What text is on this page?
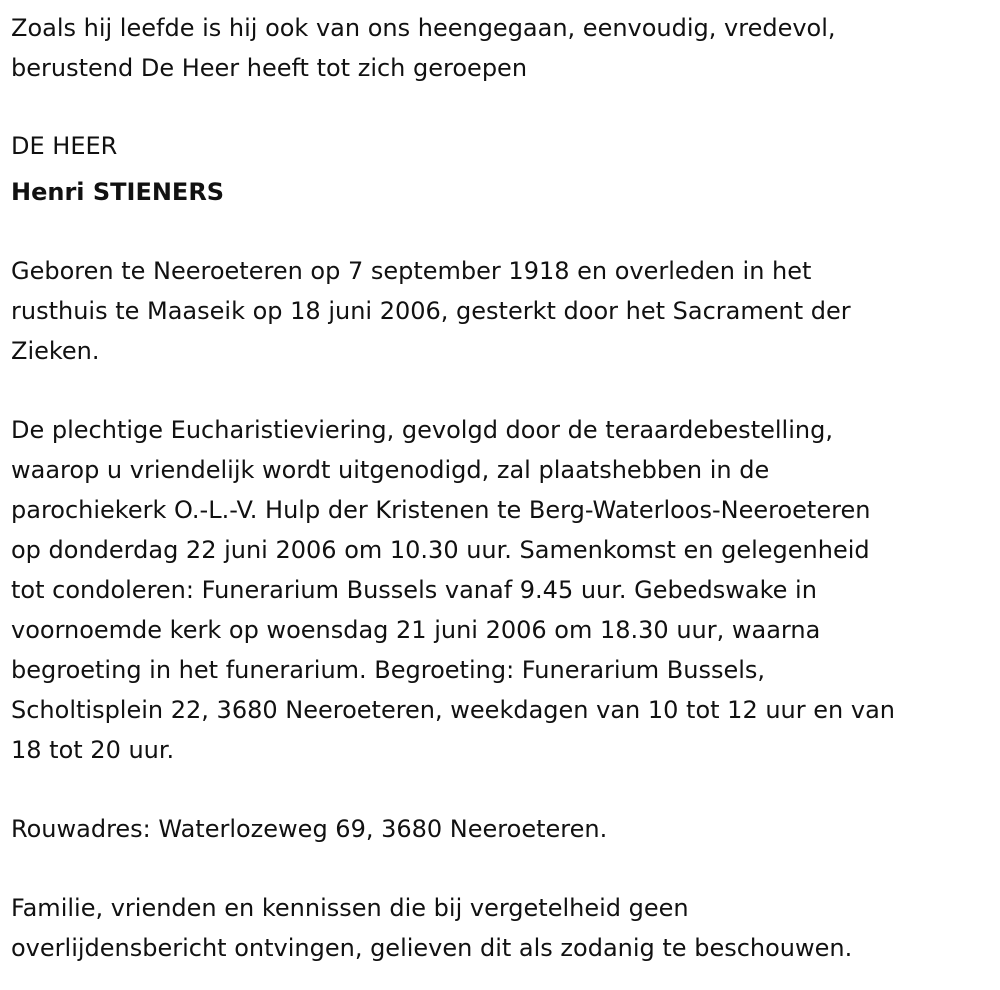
Zoals hij leefde is hij ook van ons heengegaan, eenvoudig, vredevol,
berustend De Heer heeft tot zich geroepen
DE HEER
Henri STIENERS
Geboren te Neeroeteren op 7 september 1918 en overleden in het
rusthuis te Maaseik op 18 juni 2006, gesterkt door het Sacrament der
Zieken.
De plechtige Eucharistieviering, gevolgd door de teraardebestelling,
waarop u vriendelijk wordt uitgenodigd, zal plaatshebben in de
parochiekerk O.-L.-V. Hulp der Kristenen te Berg-Waterloos-Neeroeteren
op donderdag 22 juni 2006 om 10.30 uur. Samenkomst en gelegenheid
tot condoleren: Funerarium Bussels vanaf 9.45 uur. Gebedswake in
voornoemde kerk op woensdag 21 juni 2006 om 18.30 uur, waarna
begroeting in het funerarium. Begroeting: Funerarium Bussels,
Scholtisplein 22, 3680 Neeroeteren, weekdagen van 10 tot 12 uur en van
18 tot 20 uur.
Rouwadres: Waterlozeweg 69, 3680 Neeroeteren.
Familie, vrienden en kennissen die bij vergetelheid geen
overlijdensbericht ontvingen, gelieven dit als zodanig te beschouwen.
